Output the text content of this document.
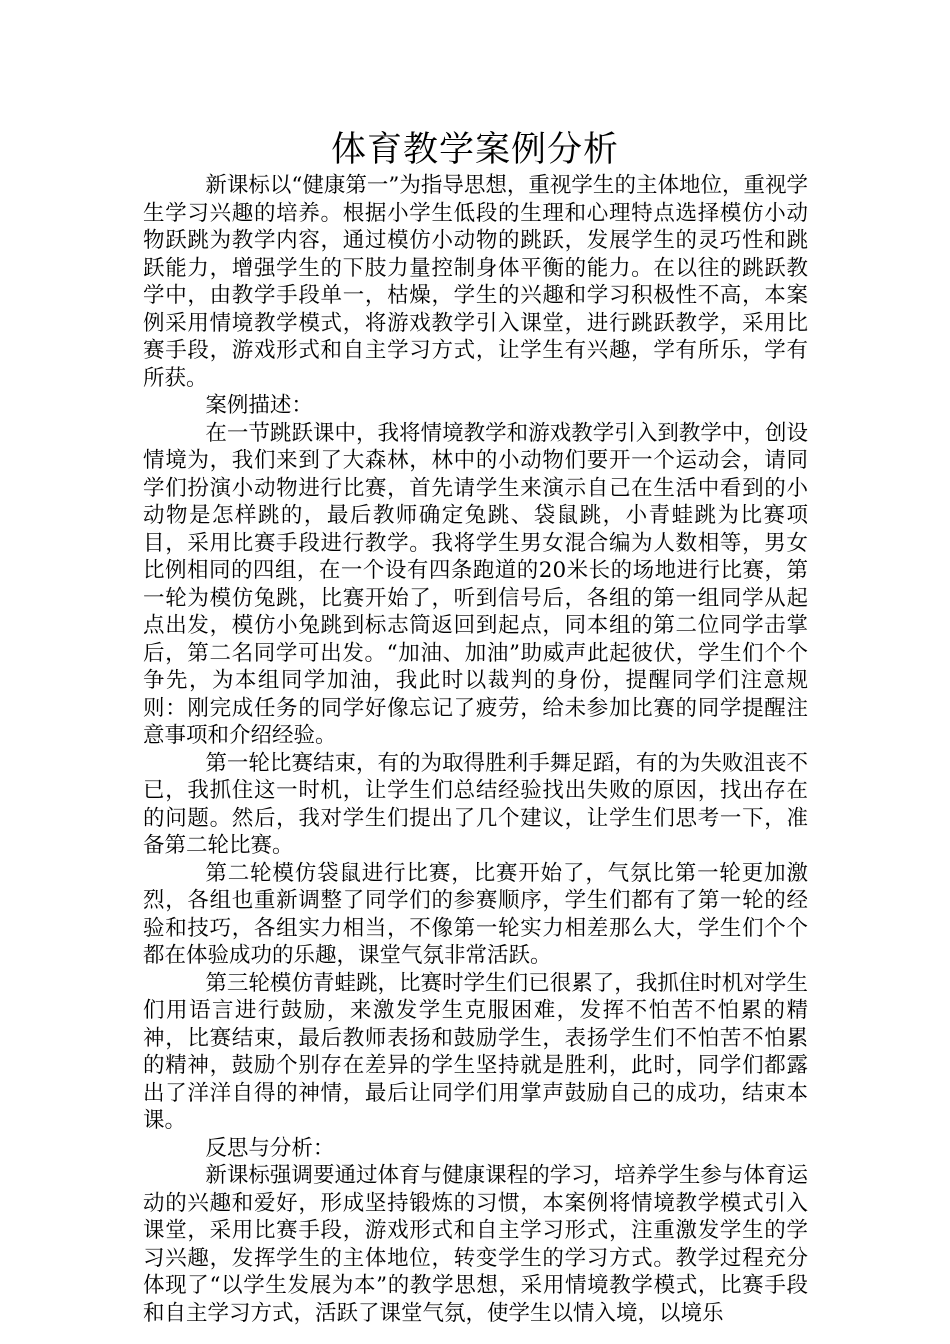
体育教学案例分析

新课标以“健康第一”为指导思想，重视学生的主体地位，重视学生学习兴趣的培养。根据小学生低段的生理和心理特点选择模仿小动物跃跳为教学内容，通过模仿小动物的跳跃，发展学生的灵巧性和跳跃能力，增强学生的下肢力量控制身体平衡的能力。在以往的跳跃教学中，由教学手段单一，枯燥，学生的兴趣和学习积极性不高，本案例采用情境教学模式，将游戏教学引入课堂，进行跳跃教学，采用比赛手段，游戏形式和自主学习方式，让学生有兴趣，学有所乐，学有所获。

案例描述：

在一节跳跃课中，我将情境教学和游戏教学引入到教学中，创设情境为，我们来到了大森林，林中的小动物们要开一个运动会，请同学们扮演小动物进行比赛，首先请学生来演示自己在生活中看到的小动物是怎样跳的，最后教师确定兔跳、袋鼠跳，小青蛙跳为比赛项目，采用比赛手段进行教学。我将学生男女混合编为人数相等，男女比例相同的四组，在一个设有四条跑道的20米长的场地进行比赛，第一轮为模仿兔跳，比赛开始了，听到信号后，各组的第一组同学从起点出发，模仿小兔跳到标志筒返回到起点，同本组的第二位同学击掌后，第二名同学可出发。“加油、加油”助威声此起彼伏，学生们个个争先，为本组同学加油，我此时以裁判的身份，提醒同学们注意规则：刚完成任务的同学好像忘记了疲劳，给未参加比赛的同学提醒注意事项和介绍经验。

第一轮比赛结束，有的为取得胜利手舞足蹈，有的为失败沮丧不已，我抓住这一时机，让学生们总结经验找出失败的原因，找出存在的问题。然后，我对学生们提出了几个建议，让学生们思考一下，准备第二轮比赛。

第二轮模仿袋鼠进行比赛，比赛开始了，气氛比第一轮更加激烈，各组也重新调整了同学们的参赛顺序，学生们都有了第一轮的经验和技巧，各组实力相当，不像第一轮实力相差那么大，学生们个个都在体验成功的乐趣，课堂气氛非常活跃。

第三轮模仿青蛙跳，比赛时学生们已很累了，我抓住时机对学生们用语言进行鼓励，来激发学生克服困难，发挥不怕苦不怕累的精神，比赛结束，最后教师表扬和鼓励学生，表扬学生们不怕苦不怕累的精神，鼓励个别存在差异的学生坚持就是胜利，此时，同学们都露出了洋洋自得的神情，最后让同学们用掌声鼓励自己的成功，结束本课。

反思与分析：

新课标强调要通过体育与健康课程的学习，培养学生参与体育运动的兴趣和爱好，形成坚持锻炼的习惯，本案例将情境教学模式引入课堂，采用比赛手段，游戏形式和自主学习形式，注重激发学生的学习兴趣，发挥学生的主体地位，转变学生的学习方式。教学过程充分体现了“以学生发展为本”的教学思想，采用情境教学模式，比赛手段和自主学习方式，活跃了课堂气氛，使学生以情入境，以境乐
